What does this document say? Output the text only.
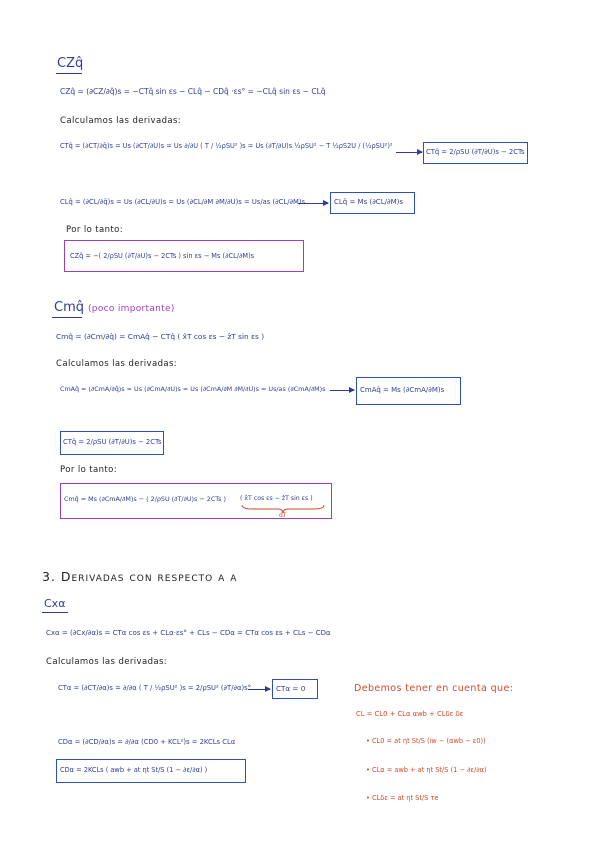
CZq̂
CZq̂ = (∂CZ/∂q̂)s = −CTq̂ sin εs − CLq̂ − CDq̂ ·εs° = −CLq̂ sin εs − CLq̂
Calculamos las derivadas:
CTq̂ = (∂CT/∂q̂)s = Us (∂CT/∂U)s = Us ∂/∂U ( T / ½ρSU² )s = Us (∂T/∂U)s ½ρSU² − T ½ρS2U / (½ρSU²)²
CTq̂ = 2/ρSU (∂T/∂U)s − 2CTs
CLq̂ = (∂CL/∂q̂)s = Us (∂CL/∂U)s = Us (∂CL/∂M ∂M/∂U)s = Us/as (∂CL/∂M)s	CLq̂ = Ms (∂CL/∂M)s
Por lo tanto:
CZq̂ = −( 2/ρSU (∂T/∂U)s − 2CTs ) sin εs − Ms (∂CL/∂M)s
Cmq̂ (poco importante)
Cmq̂ = (∂Cm/∂q̂) = CmAq̂ − CTq̂ ( x̂T cos εs − ẑT sin εs )
Calculamos las derivadas:
CmAq̂ = (∂CmA/∂q̂)s = Us (∂CmA/∂U)s = Us (∂CmA/∂M ∂M/∂U)s = Us/as (∂CmA/∂M)s	CmAq̂ = Ms (∂CmA/∂M)s
CTq̂ = 2/ρSU (∂T/∂U)s − 2CTs
Por lo tanto:
Cmq̂ = Ms (∂CmA/∂M)s − ( 2/ρSU (∂T/∂U)s − 2CTs ) ( x̂T cos εs − ẑT sin εs )
d̂T
3. Derivadas con respecto a α
Cxα
Cxα = (∂Cx/∂α)s = CTα cos εs + CLα·εs° + CLs − CDα = CTα cos εs + CLs − CDα
Calculamos las derivadas:
CTα = (∂CT/∂α)s = ∂/∂α ( T / ½ρSU² )s = 2/ρSU² (∂T/∂α)s°	CTα = 0
CDα = (∂CD/∂α)s = ∂/∂α (CD0 + KCL²)s = 2KCLs CLα
CDα = 2KCLs ( awb + at ηt St/S (1 − ∂ε/∂α) )
Debemos tener en cuenta que:
CL = CL0 + CLα αwb + CLδε δε
• CL0 = at ηt St/S (iw − (αwb − ε0))
• CLα = awb + at ηt St/S (1 − ∂ε/∂α)
• CLδε = at ηt St/S τe
